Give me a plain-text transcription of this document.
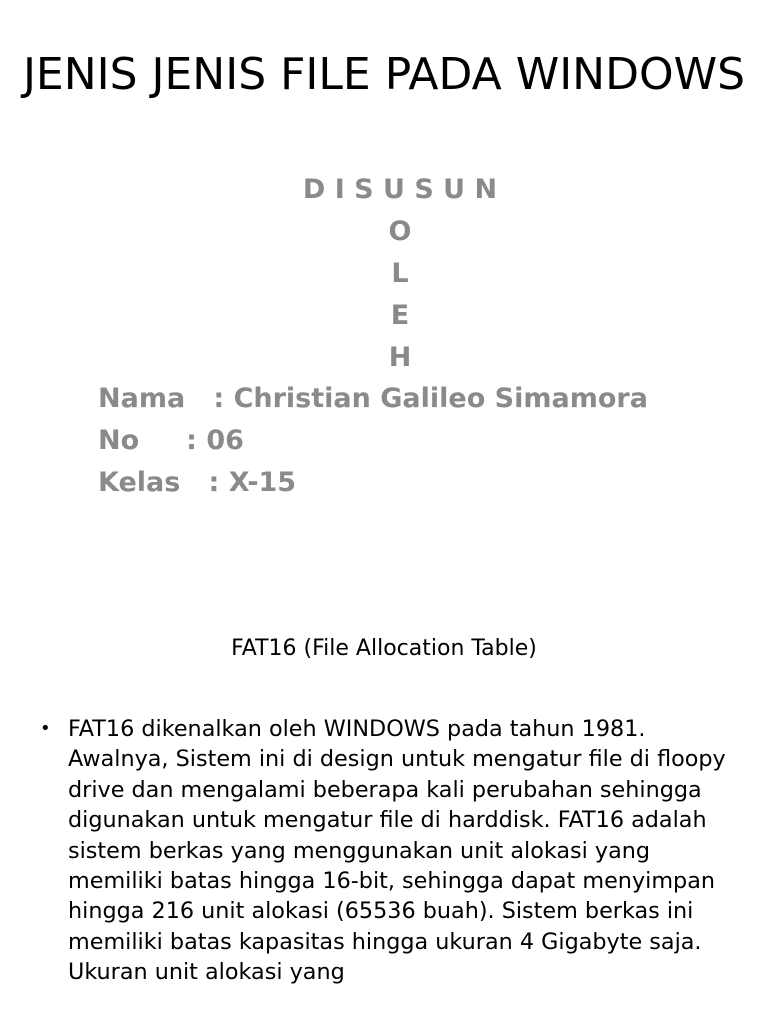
JENIS JENIS FILE PADA WINDOWS
D I S U S U N
O
L
E
H
Nama   : Christian Galileo Simamora
No     : 06
Kelas   : X-15
FAT16 (File Allocation Table)
• FAT16 dikenalkan oleh WINDOWS pada tahun 1981. Awalnya, Sistem ini di design untuk mengatur file di floopy drive dan mengalami beberapa kali perubahan sehingga digunakan untuk mengatur file di harddisk. FAT16 adalah sistem berkas yang menggunakan unit alokasi yang memiliki batas hingga 16-bit, sehingga dapat menyimpan hingga 216 unit alokasi (65536 buah). Sistem berkas ini memiliki batas kapasitas hingga ukuran 4 Gigabyte saja. Ukuran unit alokasi yang
